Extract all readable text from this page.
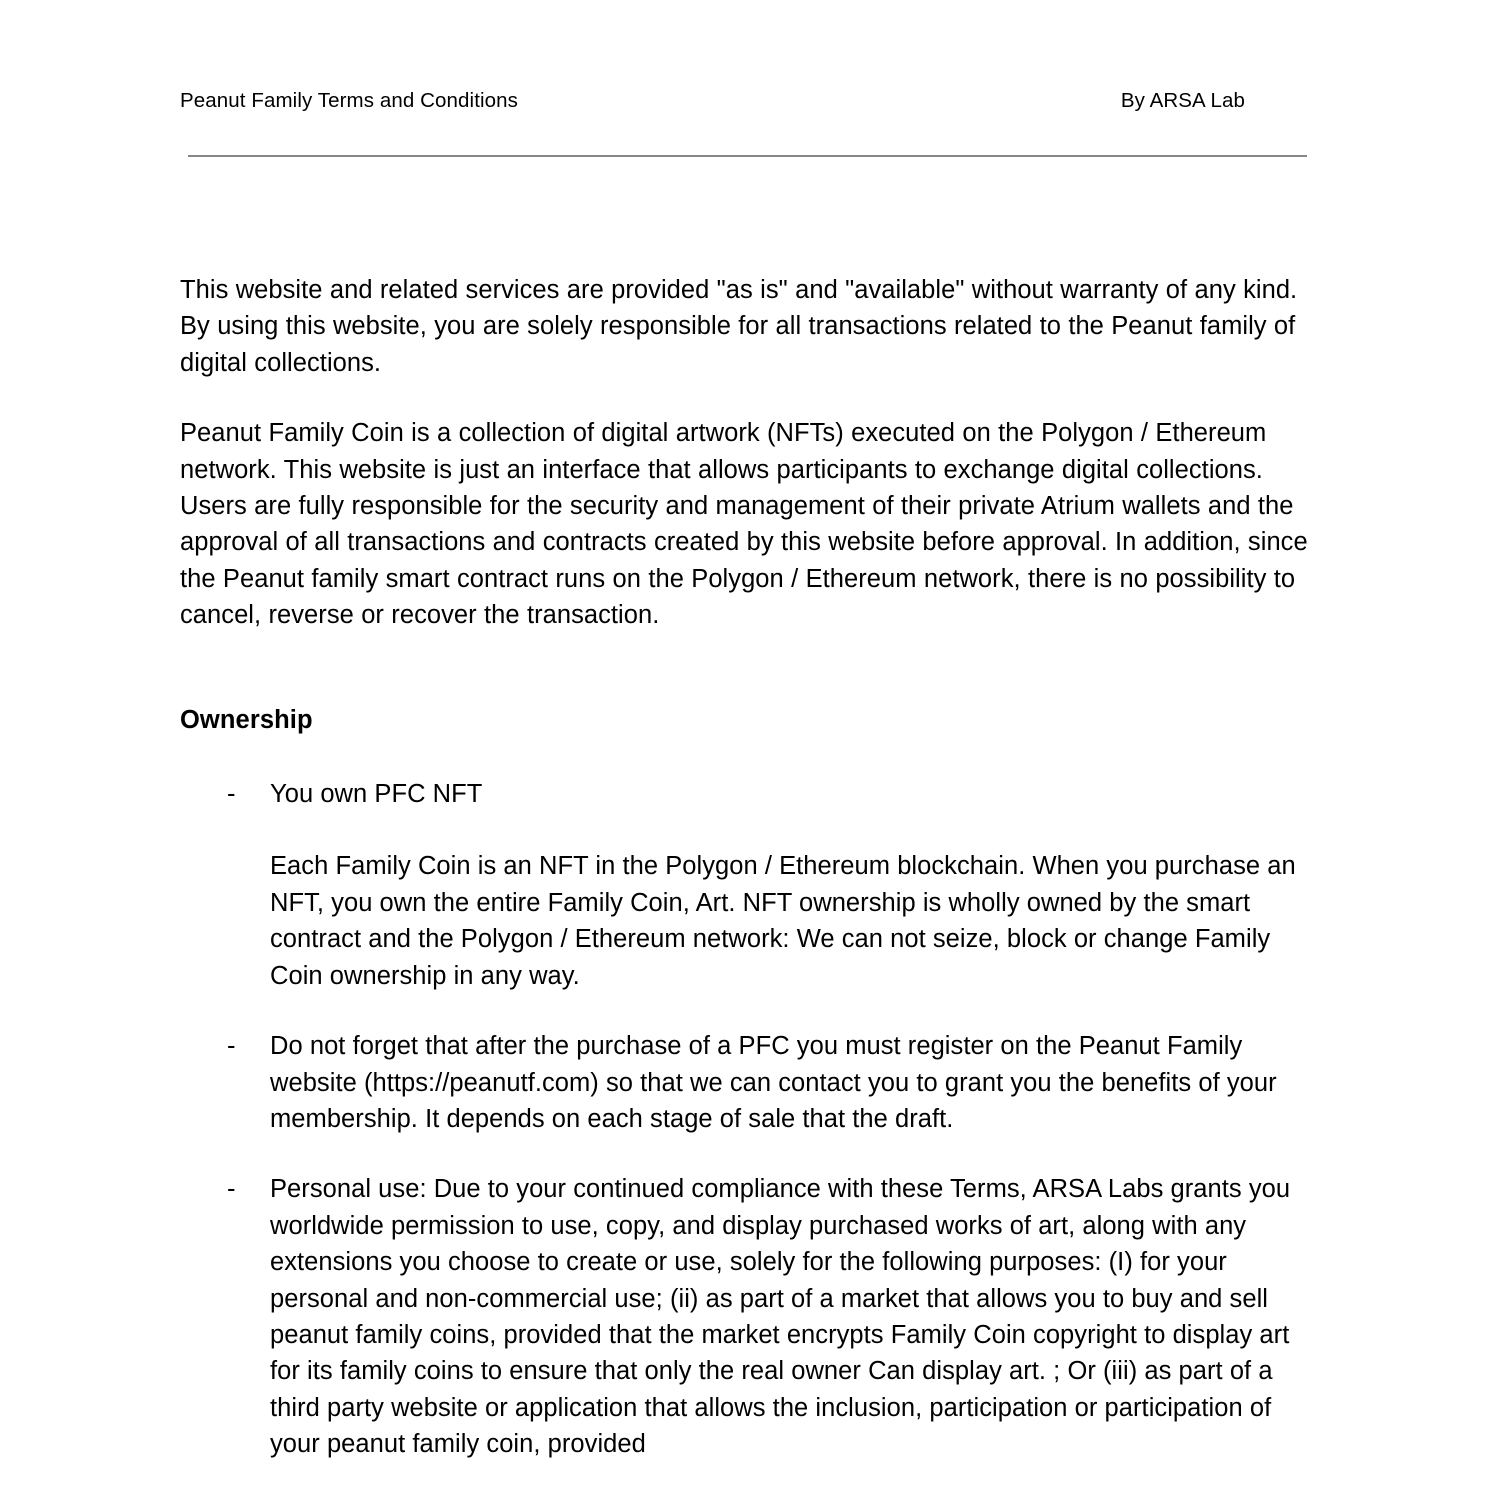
Peanut Family Terms and Conditions	By ARSA Lab

This website and related services are provided "as is" and "available" without warranty of any kind. By using this website, you are solely responsible for all transactions related to the Peanut family of digital collections.

Peanut Family Coin is a collection of digital artwork (NFTs) executed on the Polygon / Ethereum network. This website is just an interface that allows participants to exchange digital collections. Users are fully responsible for the security and management of their private Atrium wallets and the approval of all transactions and contracts created by this website before approval. In addition, since the Peanut family smart contract runs on the Polygon / Ethereum network, there is no possibility to cancel, reverse or recover the transaction.

Ownership
- You own PFC NFT
Each Family Coin is an NFT in the Polygon / Ethereum blockchain. When you purchase an NFT, you own the entire Family Coin, Art. NFT ownership is wholly owned by the smart contract and the Polygon / Ethereum network: We can not seize, block or change Family Coin ownership in any way.
- Do not forget that after the purchase of a PFC you must register on the Peanut Family website (https://peanutf.com) so that we can contact you to grant you the benefits of your membership. It depends on each stage of sale that the draft.
- Personal use: Due to your continued compliance with these Terms, ARSA Labs grants you worldwide permission to use, copy, and display purchased works of art, along with any extensions you choose to create or use, solely for the following purposes: (I) for your personal and non-commercial use; (ii) as part of a market that allows you to buy and sell peanut family coins, provided that the market encrypts Family Coin copyright to display art for its family coins to ensure that only the real owner Can display art. ; Or (iii) as part of a third party website or application that allows the inclusion, participation or participation of your peanut family coin, provided
